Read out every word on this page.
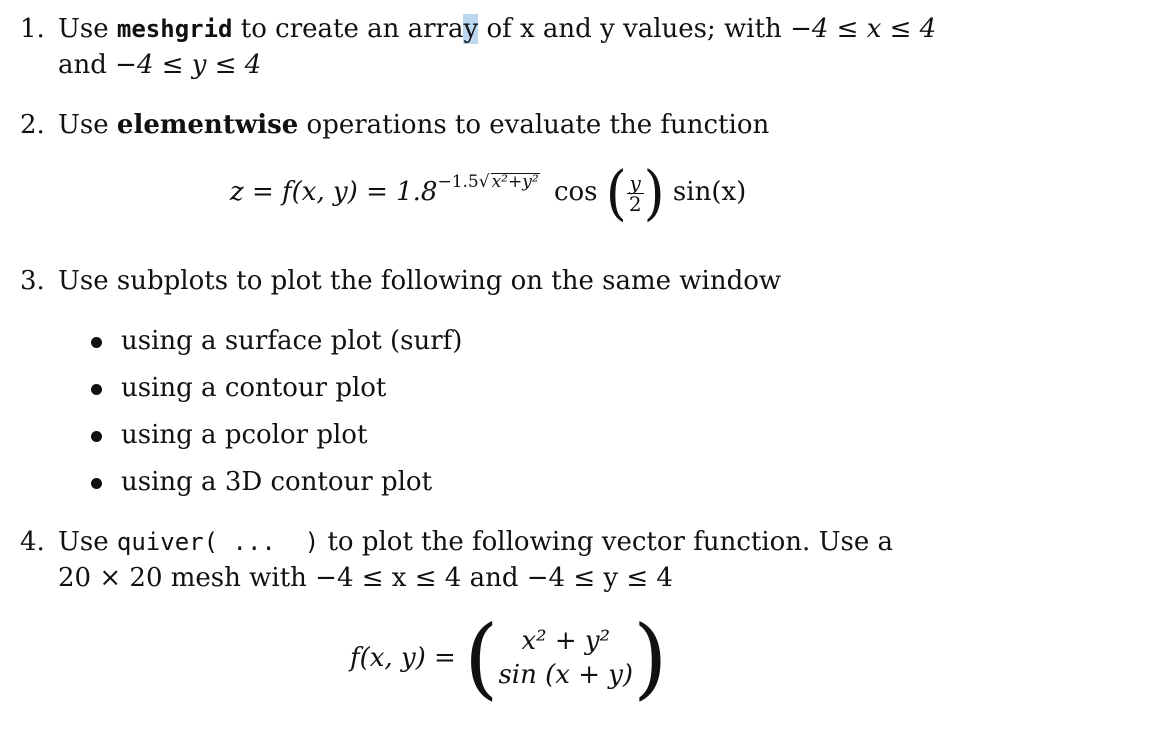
1. Use meshgrid to create an array of x and y values; with −4 ≤ x ≤ 4
and −4 ≤ y ≤ 4
2. Use elementwise operations to evaluate the function
z = f(x, $y) = 1.8^{-1.5√ x^2+y^2}$ cos ( $\frac{y}{2}$ ) sin(x)
3. Use subplots to plot the following on the same window
using a surface plot (surf)
using a contour plot
using a pcolor plot
using a 3D contour plot
4. Use quiver( ...  ) to plot the following vector function. Use a
20 × 20 mesh with −4 ≤ x ≤ 4 and −4 ≤ y ≤ 4
f(x, y) = ( x² + y²
sin (x + y) )
